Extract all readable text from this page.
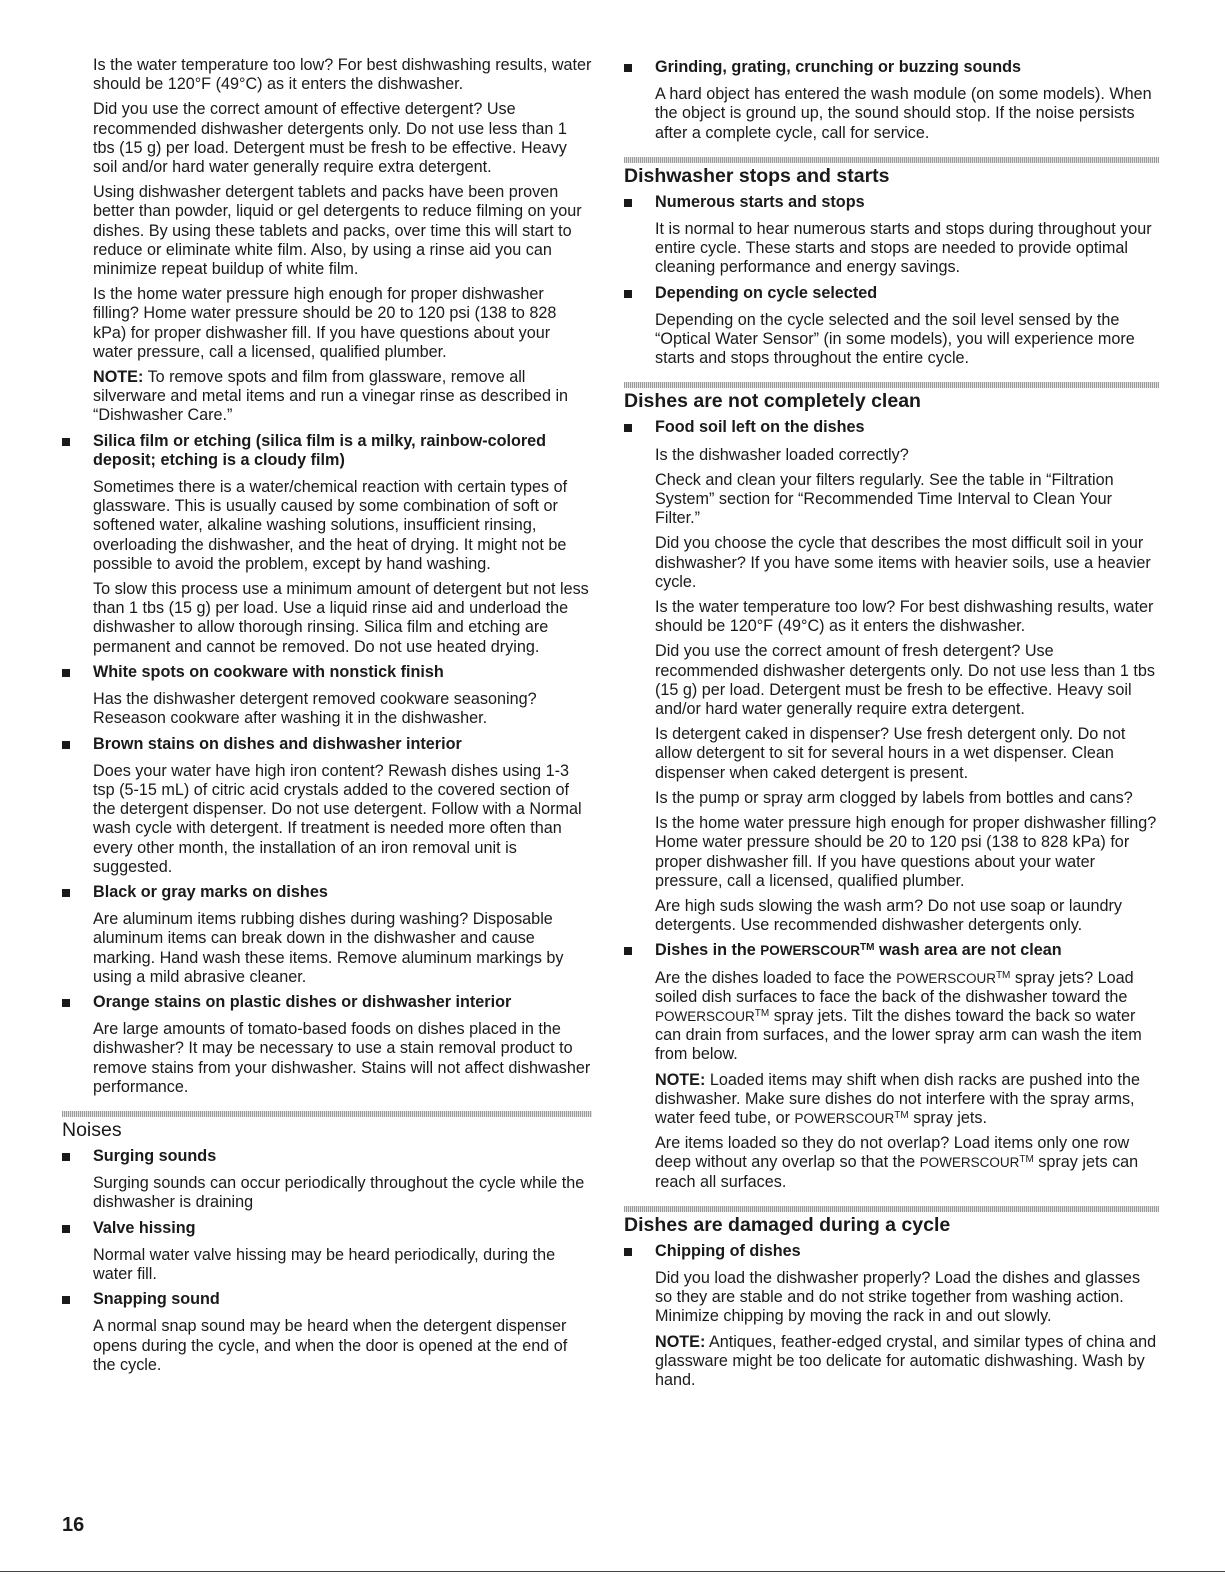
Is the water temperature too low? For best dishwashing results, water should be 120°F (49°C) as it enters the dishwasher.

Did you use the correct amount of effective detergent? Use recommended dishwasher detergents only. Do not use less than 1 tbs (15 g) per load. Detergent must be fresh to be effective. Heavy soil and/or hard water generally require extra detergent.

Using dishwasher detergent tablets and packs have been proven better than powder, liquid or gel detergents to reduce filming on your dishes. By using these tablets and packs, over time this will start to reduce or eliminate white film. Also, by using a rinse aid you can minimize repeat buildup of white film.

Is the home water pressure high enough for proper dishwasher filling? Home water pressure should be 20 to 120 psi (138 to 828 kPa) for proper dishwasher fill. If you have questions about your water pressure, call a licensed, qualified plumber.

NOTE: To remove spots and film from glassware, remove all silverware and metal items and run a vinegar rinse as described in “Dishwasher Care.”

Silica film or etching (silica film is a milky, rainbow-colored deposit; etching is a cloudy film)

Sometimes there is a water/chemical reaction with certain types of glassware. This is usually caused by some combination of soft or softened water, alkaline washing solutions, insufficient rinsing, overloading the dishwasher, and the heat of drying. It might not be possible to avoid the problem, except by hand washing.

To slow this process use a minimum amount of detergent but not less than 1 tbs (15 g) per load. Use a liquid rinse aid and underload the dishwasher to allow thorough rinsing. Silica film and etching are permanent and cannot be removed. Do not use heated drying.

White spots on cookware with nonstick finish

Has the dishwasher detergent removed cookware seasoning? Reseason cookware after washing it in the dishwasher.

Brown stains on dishes and dishwasher interior

Does your water have high iron content? Rewash dishes using 1-3 tsp (5-15 mL) of citric acid crystals added to the covered section of the detergent dispenser. Do not use detergent. Follow with a Normal wash cycle with detergent. If treatment is needed more often than every other month, the installation of an iron removal unit is suggested.

Black or gray marks on dishes

Are aluminum items rubbing dishes during washing? Disposable aluminum items can break down in the dishwasher and cause marking. Hand wash these items. Remove aluminum markings by using a mild abrasive cleaner.

Orange stains on plastic dishes or dishwasher interior

Are large amounts of tomato-based foods on dishes placed in the dishwasher? It may be necessary to use a stain removal product to remove stains from your dishwasher. Stains will not affect dishwasher performance.

Noises
Surging sounds

Surging sounds can occur periodically throughout the cycle while the dishwasher is draining

Valve hissing

Normal water valve hissing may be heard periodically, during the water fill.

Snapping sound

A normal snap sound may be heard when the detergent dispenser opens during the cycle, and when the door is opened at the end of the cycle.

Grinding, grating, crunching or buzzing sounds

A hard object has entered the wash module (on some models). When the object is ground up, the sound should stop. If the noise persists after a complete cycle, call for service.

Dishwasher stops and starts
Numerous starts and stops

It is normal to hear numerous starts and stops during throughout your entire cycle. These starts and stops are needed to provide optimal cleaning performance and energy savings.

Depending on cycle selected

Depending on the cycle selected and the soil level sensed by the “Optical Water Sensor” (in some models), you will experience more starts and stops throughout the entire cycle.

Dishes are not completely clean
Food soil left on the dishes

Is the dishwasher loaded correctly?

Check and clean your filters regularly. See the table in “Filtration System” section for “Recommended Time Interval to Clean Your Filter.”

Did you choose the cycle that describes the most difficult soil in your dishwasher? If you have some items with heavier soils, use a heavier cycle.

Is the water temperature too low? For best dishwashing results, water should be 120°F (49°C) as it enters the dishwasher.

Did you use the correct amount of fresh detergent? Use recommended dishwasher detergents only. Do not use less than 1 tbs (15 g) per load. Detergent must be fresh to be effective. Heavy soil and/or hard water generally require extra detergent.

Is detergent caked in dispenser? Use fresh detergent only. Do not allow detergent to sit for several hours in a wet dispenser. Clean dispenser when caked detergent is present.

Is the pump or spray arm clogged by labels from bottles and cans?

Is the home water pressure high enough for proper dishwasher filling? Home water pressure should be 20 to 120 psi (138 to 828 kPa) for proper dishwasher fill. If you have questions about your water pressure, call a licensed, qualified plumber.

Are high suds slowing the wash arm? Do not use soap or laundry detergents. Use recommended dishwasher detergents only.

Dishes in the POWERSCOUR™ wash area are not clean

Are the dishes loaded to face the POWERSCOUR™ spray jets? Load soiled dish surfaces to face the back of the dishwasher toward the POWERSCOUR™ spray jets. Tilt the dishes toward the back so water can drain from surfaces, and the lower spray arm can wash the item from below.

NOTE: Loaded items may shift when dish racks are pushed into the dishwasher. Make sure dishes do not interfere with the spray arms, water feed tube, or POWERSCOUR™ spray jets.

Are items loaded so they do not overlap? Load items only one row deep without any overlap so that the POWERSCOUR™ spray jets can reach all surfaces.

Dishes are damaged during a cycle
Chipping of dishes

Did you load the dishwasher properly? Load the dishes and glasses so they are stable and do not strike together from washing action. Minimize chipping by moving the rack in and out slowly.

NOTE: Antiques, feather-edged crystal, and similar types of china and glassware might be too delicate for automatic dishwashing. Wash by hand.

16
